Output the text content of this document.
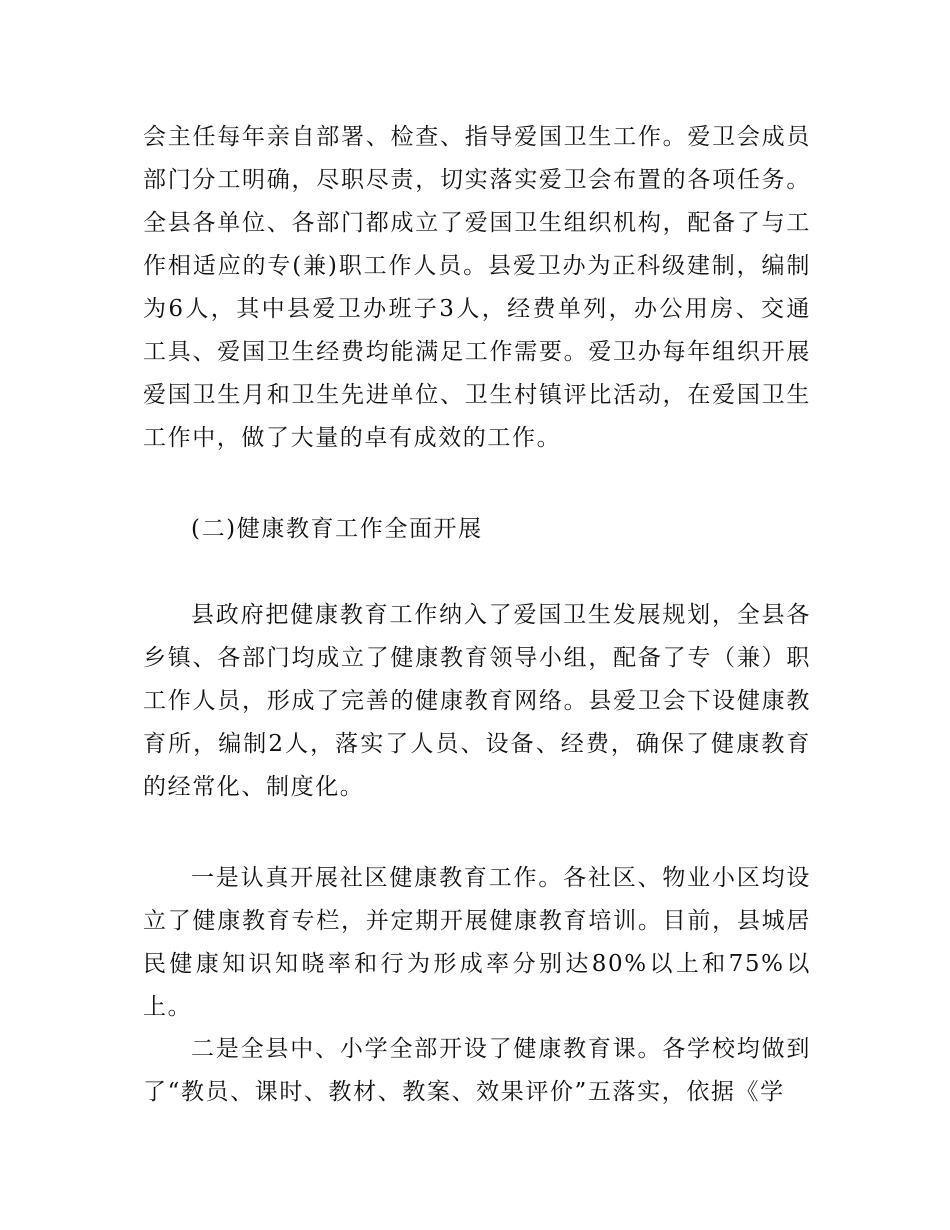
会主任每年亲自部署、检查、指导爱国卫生工作。爱卫会成员部门分工明确，尽职尽责，切实落实爱卫会布置的各项任务。全县各单位、各部门都成立了爱国卫生组织机构，配备了与工作相适应的专(兼)职工作人员。县爱卫办为正科级建制，编制为6人，其中县爱卫办班子3人，经费单列，办公用房、交通工具、爱国卫生经费均能满足工作需要。爱卫办每年组织开展爱国卫生月和卫生先进单位、卫生村镇评比活动，在爱国卫生工作中，做了大量的卓有成效的工作。

(二)健康教育工作全面开展

县政府把健康教育工作纳入了爱国卫生发展规划，全县各乡镇、各部门均成立了健康教育领导小组，配备了专（兼）职工作人员，形成了完善的健康教育网络。县爱卫会下设健康教育所，编制2人，落实了人员、设备、经费，确保了健康教育的经常化、制度化。

一是认真开展社区健康教育工作。各社区、物业小区均设立了健康教育专栏，并定期开展健康教育培训。目前，县城居民健康知识知晓率和行为形成率分别达80%以上和75%以上。

二是全县中、小学全部开设了健康教育课。各学校均做到了“教员、课时、教材、教案、效果评价”五落实，依据《学
